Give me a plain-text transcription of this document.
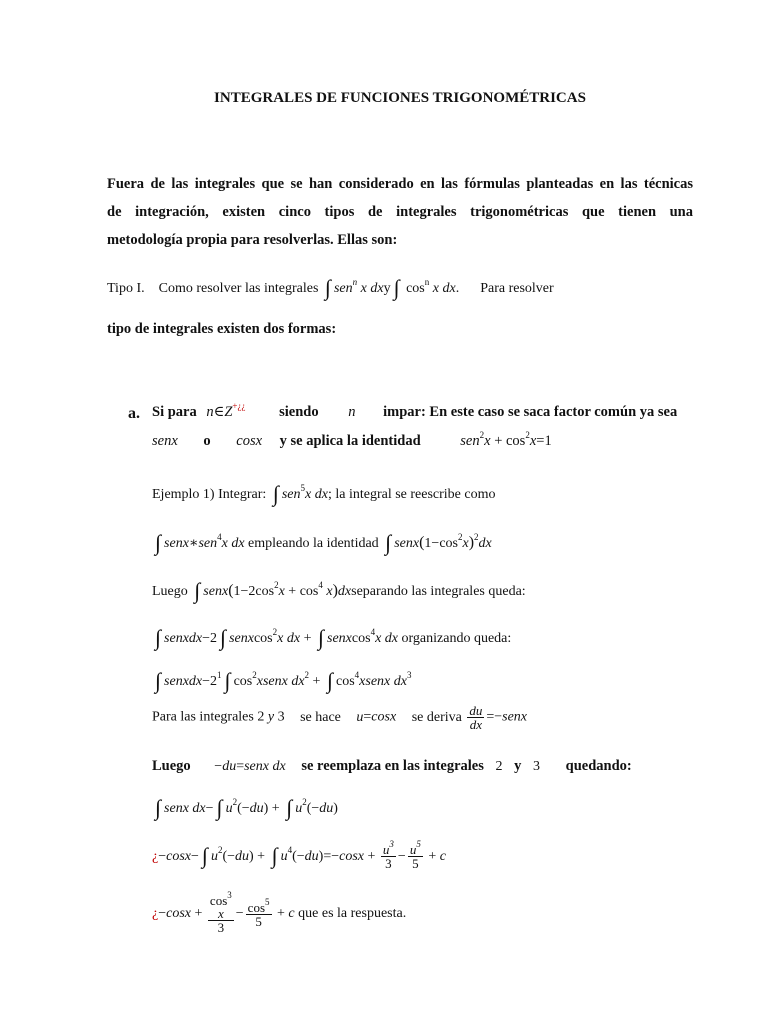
INTEGRALES DE FUNCIONES TRIGONOMÉTRICAS
Fuera de las integrales que se han considerado en las fórmulas planteadas en las técnicas
de integración, existen cinco tipos de integrales trigonométricas que tienen una
metodología propia para resolverlas. Ellas son:
Tipo I. Como resolver las integrales ∫ sen$^n$ x dxy ∫ $\cos^n x$ dx.      Para resolver
tipo de integrales existen dos formas:
a. Si para n∈Z+¿¿ siendo n impar: En este caso se saca factor común ya sea
senx o cosx y se aplica la identidad	$sen^2x + \cos^2x=1$
Ejemplo 1) Integrar: ∫ sen$^5$x dx; la integral se reescribe como
∫ senx∗sen$^4$x dx empleando la identidad ∫ $senx(1-\cos^2x)^2dx$
Luego ∫ $senx(1-2\cos^2x + \cos^4$ x)dxseparando las integrales queda:
∫ senxdx−2 ∫ senxcos$^2$x dx + ∫ senxcos$^4$x dx organizando queda:
∫ $senxdx-2^1$ ∫ $\cos^2xsenx$ $dx^2$ + ∫ $\cos^4xsenx$ $dx^3$
Para las integrales 2 y 3 se hace u=cosx se deriva $\frac{du}{dx}$ =−senx
Luego −du=senx dx se reemplaza en las integrales 2 y 3 quedando:
∫ senx dx− ∫ $u^2(-du)$ + ∫ $u^2(-du)$
¿−cosx− ∫ $u^2(-du)$ + ∫ $u^4(-du)=-\cos x + \frac{u^3}{3} - \frac{u^5}{5} + c$
¿$-\cos x + \cos^3$
x
$3 - \frac{\cos^5}{5} + c$ que es la respuesta.
